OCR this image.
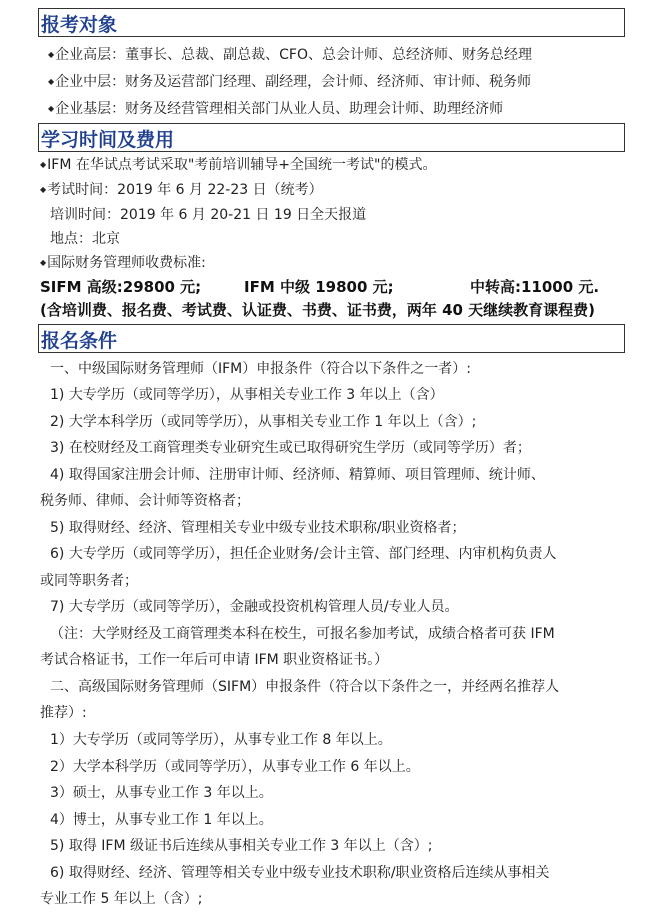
报考对象
◆ 企业高层：董事长、总裁、副总裁、CFO、总会计师、总经济师、财务总经理
◆ 企业中层：财务及运营部门经理、副经理，会计师、经济师、审计师、税务师
◆ 企业基层：财务及经营管理相关部门从业人员、助理会计师、助理经济师
学习时间及费用
◆ IFM 在华试点考试采取"考前培训辅导+全国统一考试"的模式。
◆ 考试时间：2019 年 6 月 22-23 日（统考）
培训时间：2019 年 6 月 20-21 日 19 日全天报道
地点：北京
◆ 国际财务管理师收费标准:
SIFM 高级:29800 元;	IFM 中级 19800 元;	中转高:11000 元.
(含培训费、报名费、考试费、认证费、书费、证书费，两年 40 天继续教育课程费)
报名条件
一、中级国际财务管理师（IFM）申报条件（符合以下条件之一者）:
1) 大专学历（或同等学历），从事相关专业工作 3 年以上（含）
2) 大学本科学历（或同等学历），从事相关专业工作 1 年以上（含）;
3) 在校财经及工商管理类专业研究生或已取得研究生学历（或同等学历）者；
4) 取得国家注册会计师、注册审计师、经济师、精算师、项目管理师、统计师、
税务师、律师、会计师等资格者；
5) 取得财经、经济、管理相关专业中级专业技术职称/职业资格者；
6) 大专学历（或同等学历），担任企业财务/会计主管、部门经理、内审机构负责人
或同等职务者；
7) 大专学历（或同等学历），金融或投资机构管理人员/专业人员。
（注：大学财经及工商管理类本科在校生，可报名参加考试，成绩合格者可获 IFM
考试合格证书，工作一年后可申请 IFM 职业资格证书。）
二、高级国际财务管理师（SIFM）申报条件（符合以下条件之一，并经两名推荐人
推荐）:
1）大专学历（或同等学历），从事专业工作 8 年以上。
2）大学本科学历（或同等学历），从事专业工作 6 年以上。
3）硕士，从事专业工作 3 年以上。
4）博士，从事专业工作 1 年以上。
5) 取得 IFM 级证书后连续从事相关专业工作 3 年以上（含）;
6) 取得财经、经济、管理等相关专业中级专业技术职称/职业资格后连续从事相关
专业工作 5 年以上（含）;
